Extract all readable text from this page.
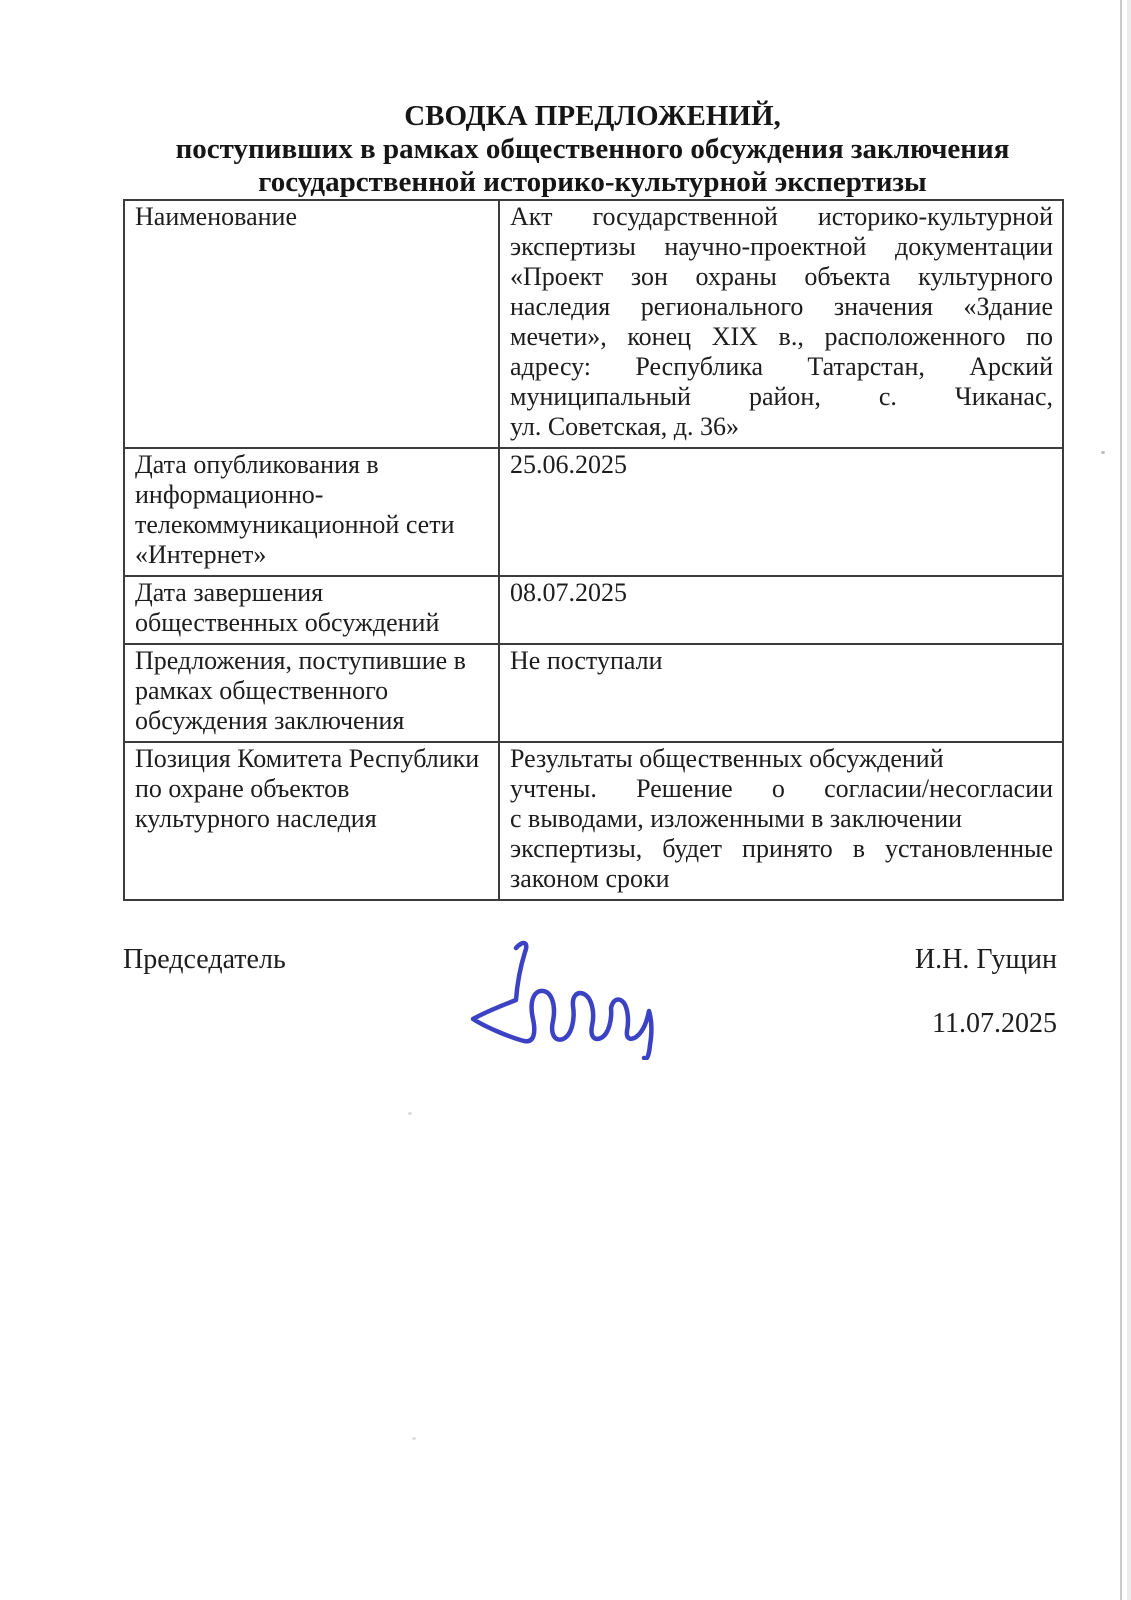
СВОДКА ПРЕДЛОЖЕНИЙ,
поступивших в рамках общественного обсуждения заключения
государственной историко-культурной экспертизы
Наименование	Акт государственной историко-культурной
экспертизы научно-проектной документации
«Проект зон охраны объекта культурного
наследия регионального значения «Здание
мечети», конец XIX в., расположенного по
адресу: Республика Татарстан, Арский
муниципальный район, с. Чиканас,
ул. Советская, д. 36»

Дата опубликования в информационно-телекоммуникационной сети «Интернет»	25.06.2025
Дата завершения общественных обсуждений	08.07.2025
Предложения, поступившие в рамках общественного обсуждения заключения	Не поступали
Позиция Комитета Республики по охране объектов культурного наследия	Результаты общественных обсуждений
учтены. Решение о согласии/несогласии
с выводами, изложенными в заключении
экспертизы, будет принято в установленные
законом сроки
Председатель	И.Н. Гущин
11.07.2025
